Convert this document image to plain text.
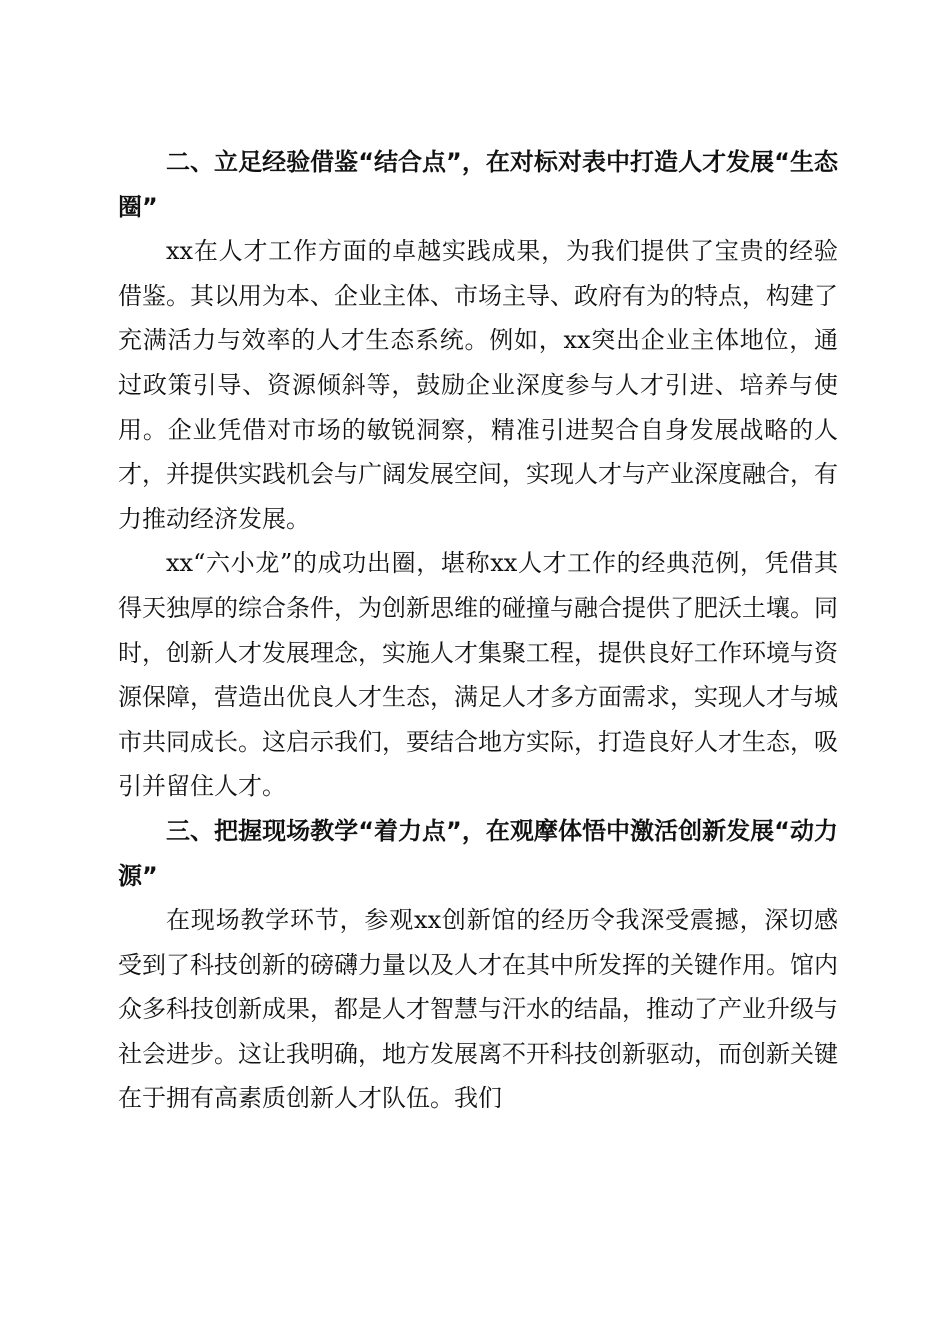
二、立足经验借鉴“结合点”，在对标对表中打造人才发展“生态圈”

xx在人才工作方面的卓越实践成果，为我们提供了宝贵的经验借鉴。其以用为本、企业主体、市场主导、政府有为的特点，构建了充满活力与效率的人才生态系统。例如，xx突出企业主体地位，通过政策引导、资源倾斜等，鼓励企业深度参与人才引进、培养与使用。企业凭借对市场的敏锐洞察，精准引进契合自身发展战略的人才，并提供实践机会与广阔发展空间，实现人才与产业深度融合，有力推动经济发展。

xx“六小龙”的成功出圈，堪称xx人才工作的经典范例，凭借其得天独厚的综合条件，为创新思维的碰撞与融合提供了肥沃土壤。同时，创新人才发展理念，实施人才集聚工程，提供良好工作环境与资源保障，营造出优良人才生态，满足人才多方面需求，实现人才与城市共同成长。这启示我们，要结合地方实际，打造良好人才生态，吸引并留住人才。

三、把握现场教学“着力点”，在观摩体悟中激活创新发展“动力源”

在现场教学环节，参观xx创新馆的经历令我深受震撼，深切感受到了科技创新的磅礴力量以及人才在其中所发挥的关键作用。馆内众多科技创新成果，都是人才智慧与汗水的结晶，推动了产业升级与社会进步。这让我明确，地方发展离不开科技创新驱动，而创新关键在于拥有高素质创新人才队伍。我们
